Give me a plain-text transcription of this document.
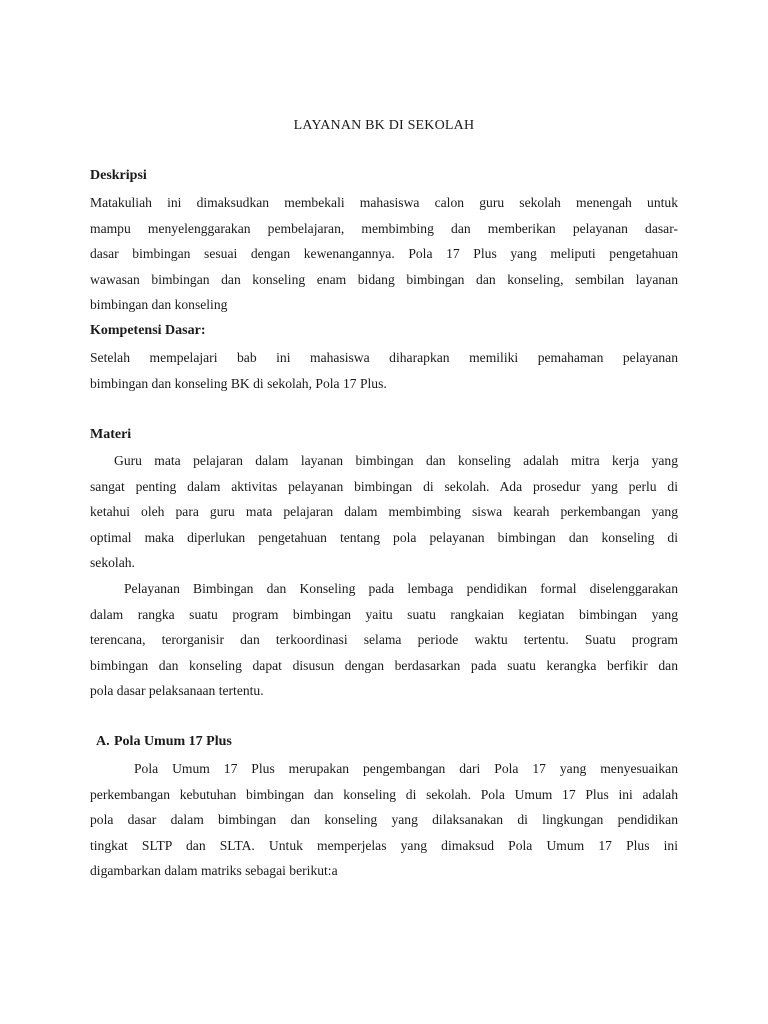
LAYANAN BK DI SEKOLAH
Deskripsi
Matakuliah ini dimaksudkan membekali mahasiswa calon guru sekolah menengah untuk
mampu menyelenggarakan pembelajaran, membimbing dan memberikan pelayanan dasar-
dasar bimbingan sesuai dengan kewenangannya. Pola 17 Plus yang meliputi pengetahuan
wawasan bimbingan dan konseling enam bidang bimbingan dan konseling, sembilan layanan
bimbingan dan konseling
Kompetensi Dasar:
Setelah mempelajari bab ini mahasiswa diharapkan memiliki pemahaman pelayanan
bimbingan dan konseling BK di sekolah, Pola 17 Plus.
Materi
Guru mata pelajaran dalam layanan bimbingan dan konseling adalah mitra kerja yang
sangat penting dalam aktivitas pelayanan bimbingan di sekolah. Ada prosedur yang perlu di
ketahui oleh para guru mata pelajaran dalam membimbing siswa kearah perkembangan yang
optimal maka diperlukan pengetahuan tentang pola pelayanan bimbingan dan konseling di
sekolah.
Pelayanan Bimbingan dan Konseling pada lembaga pendidikan formal diselenggarakan
dalam rangka suatu program bimbingan yaitu suatu rangkaian kegiatan bimbingan yang
terencana, terorganisir dan terkoordinasi selama periode waktu tertentu. Suatu program
bimbingan dan konseling dapat disusun dengan berdasarkan pada suatu kerangka berfikir dan
pola dasar pelaksanaan tertentu.
A. Pola Umum 17 Plus
Pola Umum 17 Plus merupakan pengembangan dari Pola 17 yang menyesuaikan
perkembangan kebutuhan bimbingan dan konseling di sekolah. Pola Umum 17 Plus ini adalah
pola dasar dalam bimbingan dan konseling yang dilaksanakan di lingkungan pendidikan
tingkat SLTP dan SLTA. Untuk memperjelas yang dimaksud Pola Umum 17 Plus ini
digambarkan dalam matriks sebagai berikut:a
